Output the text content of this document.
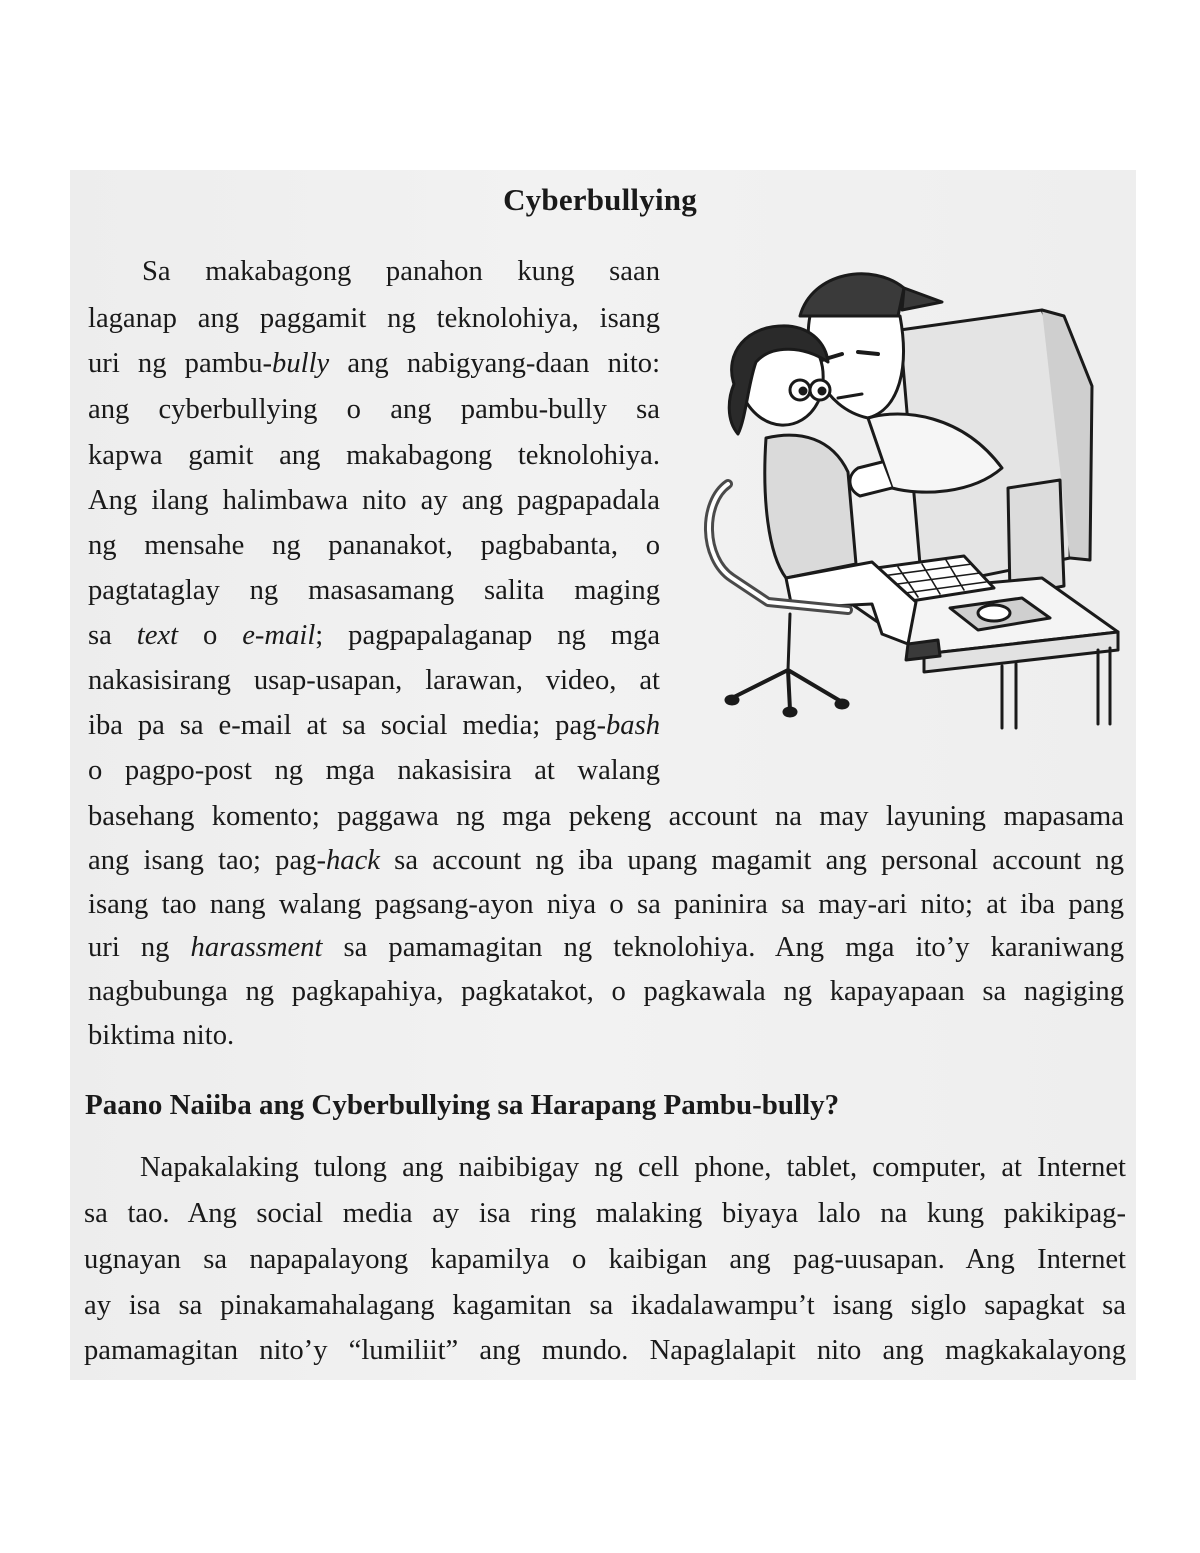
Cyberbullying
Sa makabagong panahon kung saan
laganap ang paggamit ng teknolohiya, isang
uri ng pambu-bully ang nabigyang-daan nito:
ang cyberbullying o ang pambu-bully sa
kapwa gamit ang makabagong teknolohiya.
Ang ilang halimbawa nito ay ang pagpapadala
ng mensahe ng pananakot, pagbabanta, o
pagtataglay ng masasamang salita maging
sa text o e-mail; pagpapalaganap ng mga
nakasisirang usap-usapan, larawan, video, at
iba pa sa e-mail at sa social media; pag-bash
o pagpo-post ng mga nakasisira at walang
basehang komento; paggawa ng mga pekeng account na may layuning mapasama
ang isang tao; pag-hack sa account ng iba upang magamit ang personal account ng
isang tao nang walang pagsang-ayon niya o sa paninira sa may-ari nito; at iba pang
uri ng harassment sa pamamagitan ng teknolohiya. Ang mga ito’y karaniwang
nagbubunga ng pagkapahiya, pagkatakot, o pagkawala ng kapayapaan sa nagiging
biktima nito.
Paano Naiiba ang Cyberbullying sa Harapang Pambu-bully?
Napakalaking tulong ang naibibigay ng cell phone, tablet, computer, at Internet
sa tao. Ang social media ay isa ring malaking biyaya lalo na kung pakikipag-
ugnayan sa napapalayong kapamilya o kaibigan ang pag-uusapan. Ang Internet
ay isa sa pinakamahalagang kagamitan sa ikadalawampu’t isang siglo sapagkat sa
pamamagitan nito’y “lumiliit” ang mundo. Napaglalapit nito ang magkakalayong
